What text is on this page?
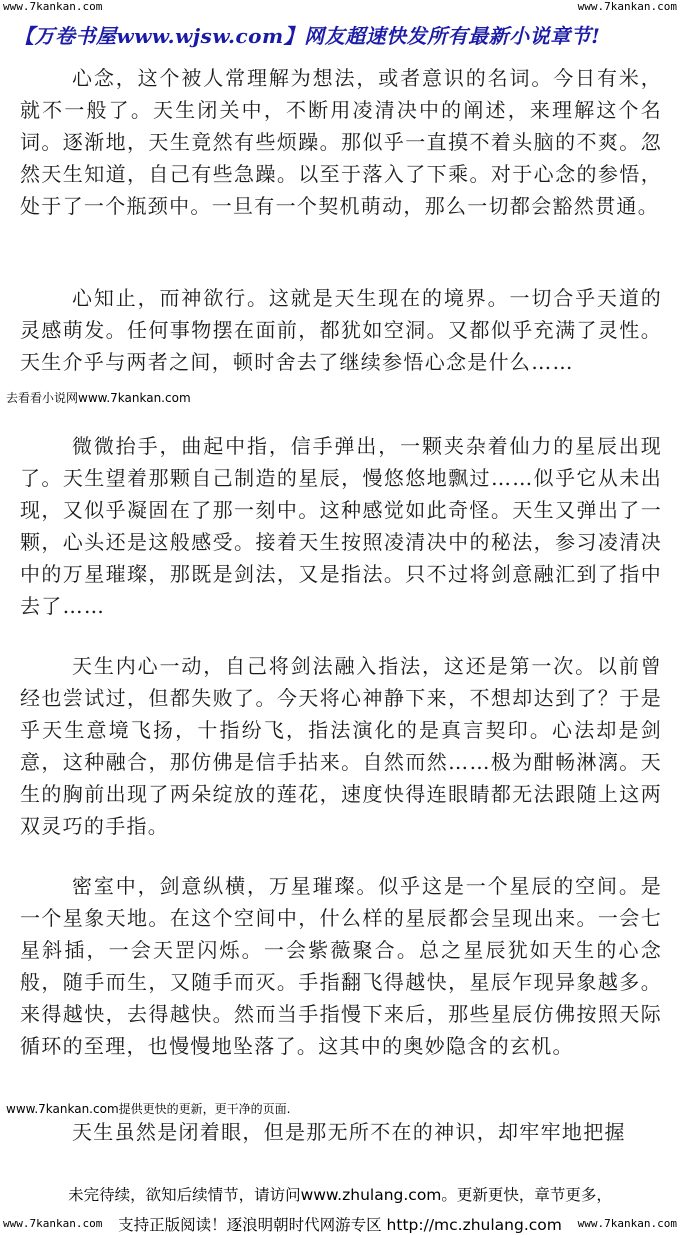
www.7kankan.com	www.7kankan.com
【万卷书屋www.wjsw.com】网友超速快发所有最新小说章节!

心念，这个被人常理解为想法，或者意识的名词。今日有米，就不一般了。天生闭关中，不断用凌清决中的阐述，来理解这个名词。逐渐地，天生竟然有些烦躁。那似乎一直摸不着头脑的不爽。忽然天生知道，自己有些急躁。以至于落入了下乘。对于心念的参悟，处于了一个瓶颈中。一旦有一个契机萌动，那么一切都会豁然贯通。

心知止，而神欲行。这就是天生现在的境界。一切合乎天道的灵感萌发。任何事物摆在面前，都犹如空洞。又都似乎充满了灵性。天生介乎与两者之间，顿时舍去了继续参悟心念是什么……

去看看小说网www.7kankan.com

微微抬手，曲起中指，信手弹出，一颗夹杂着仙力的星辰出现了。天生望着那颗自己制造的星辰，慢悠悠地飘过……似乎它从未出现，又似乎凝固在了那一刻中。这种感觉如此奇怪。天生又弹出了一颗，心头还是这般感受。接着天生按照凌清决中的秘法，参习凌清决中的万星璀璨，那既是剑法，又是指法。只不过将剑意融汇到了指中去了……

天生内心一动，自己将剑法融入指法，这还是第一次。以前曾经也尝试过，但都失败了。今天将心神静下来，不想却达到了？于是乎天生意境飞扬，十指纷飞，指法演化的是真言契印。心法却是剑意，这种融合，那仿佛是信手拈来。自然而然……极为酣畅淋漓。天生的胸前出现了两朵绽放的莲花，速度快得连眼睛都无法跟随上这两双灵巧的手指。

密室中，剑意纵横，万星璀璨。似乎这是一个星辰的空间。是一个星象天地。在这个空间中，什么样的星辰都会呈现出来。一会七星斜插，一会天罡闪烁。一会紫薇聚合。总之星辰犹如天生的心念般，随手而生，又随手而灭。手指翻飞得越快，星辰乍现异象越多。来得越快，去得越快。然而当手指慢下来后，那些星辰仿佛按照天际循环的至理，也慢慢地坠落了。这其中的奥妙隐含的玄机。

www.7kankan.com提供更快的更新，更干净的页面.

天生虽然是闭着眼，但是那无所不在的神识，却牢牢地把握

未完待续，欲知后续情节，请访问www.zhulang.com。更新更快，章节更多，
支持正版阅读！逐浪明朝时代网游专区 http://mc.zhulang.com
www.7kankan.com	www.7kankan.com
